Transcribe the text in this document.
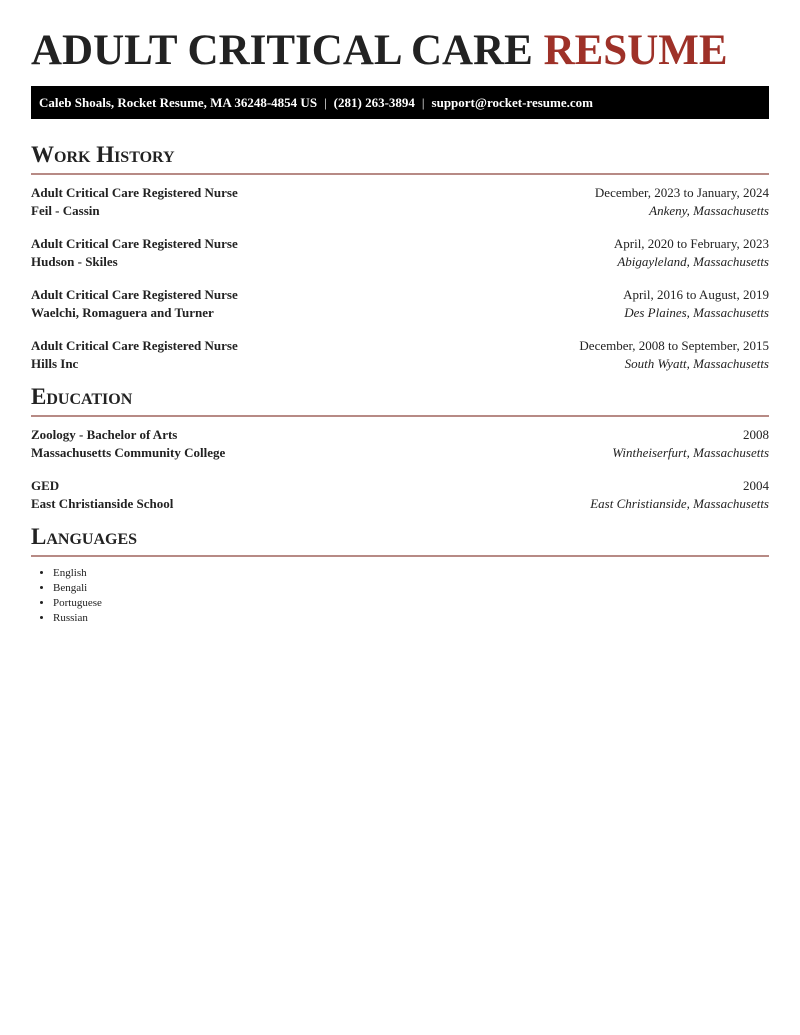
ADULT CRITICAL CARE RESUME
Caleb Shoals, Rocket Resume, MA 36248-4854 US | (281) 263-3894 | support@rocket-resume.com
Work History
Adult Critical Care Registered Nurse
Feil - Cassin
December, 2023 to January, 2024
Ankeny, Massachusetts
Adult Critical Care Registered Nurse
Hudson - Skiles
April, 2020 to February, 2023
Abigayleland, Massachusetts
Adult Critical Care Registered Nurse
Waelchi, Romaguera and Turner
April, 2016 to August, 2019
Des Plaines, Massachusetts
Adult Critical Care Registered Nurse
Hills Inc
December, 2008 to September, 2015
South Wyatt, Massachusetts
Education
Zoology - Bachelor of Arts
Massachusetts Community College
2008
Wintheiserfurt, Massachusetts
GED
East Christianside School
2004
East Christianside, Massachusetts
Languages
• English
• Bengali
• Portuguese
• Russian
